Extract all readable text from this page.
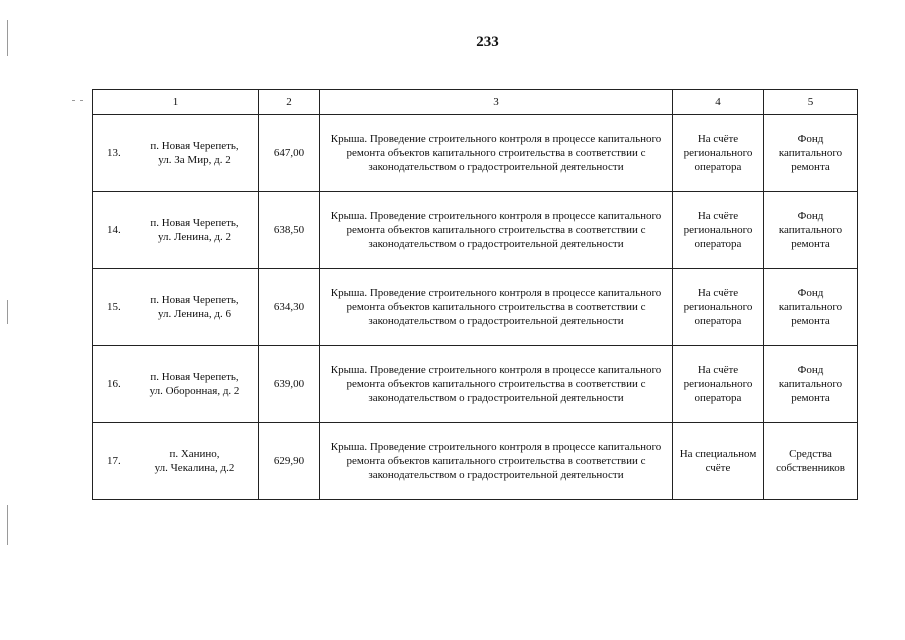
233
1	2	3	4	5

13.
п. Новая Черепеть,
ул. За Мир, д. 2	647,00	Крыша. Проведение строительного контроля в процессе капитального ремонта объектов капитального строительства в соответствии с законодательством о градостроительной деятельности	На счёте регионального оператора	Фонд капитального ремонта

14.
п. Новая Черепеть,
ул. Ленина, д. 2	638,50	Крыша. Проведение строительного контроля в процессе капитального ремонта объектов капитального строительства в соответствии с законодательством о градостроительной деятельности	На счёте регионального оператора	Фонд капитального ремонта

15.
п. Новая Черепеть,
ул. Ленина, д. 6	634,30	Крыша. Проведение строительного контроля в процессе капитального ремонта объектов капитального строительства в соответствии с законодательством о градостроительной деятельности	На счёте регионального оператора	Фонд капитального ремонта

16.
п. Новая Черепеть,
ул. Оборонная, д. 2	639,00	Крыша. Проведение строительного контроля в процессе капитального ремонта объектов капитального строительства в соответствии с законодательством о градостроительной деятельности	На счёте регионального оператора	Фонд капитального ремонта

17.
п. Ханино,
ул. Чекалина, д.2	629,90	Крыша. Проведение строительного контроля в процессе капитального ремонта объектов капитального строительства в соответствии с законодательством о градостроительной деятельности	На специальном счёте	Средства собственников
